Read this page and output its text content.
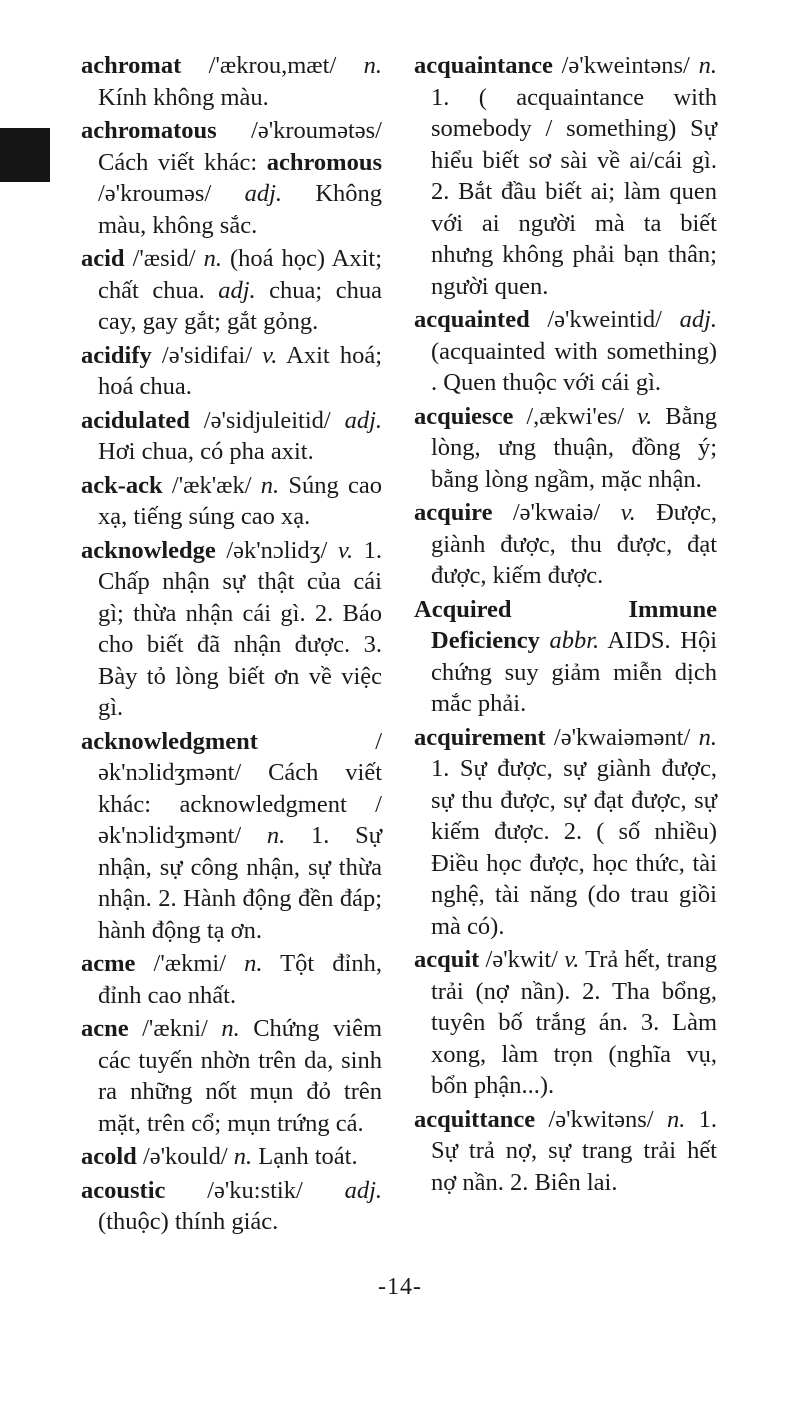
achromat /'ækrou,mæt/ n. Kính không màu.

achromatous /ə'kroumətəs/ Cách viết khác: achromous /ə'kroumәs/ adj. Không màu, không sắc.

acid /'æsid/ n. (hoá học) Axit; chất chua. adj. chua; chua cay, gay gắt; gắt gỏng.

acidify /ə'sidifai/ v. Axit hoá; hoá chua.

acidulated /ə'sidjuleitid/ adj. Hơi chua, có pha axit.

ack-ack /'æk'æk/ n. Súng cao xạ, tiếng súng cao xạ.

acknowledge /ək'nɔlidʒ/ v. 1. Chấp nhận sự thật của cái gì; thừa nhận cái gì. 2. Báo cho biết đã nhận được. 3. Bày tỏ lòng biết ơn về việc gì.

acknowledgment	/ ək'nɔlidʒmənt/ Cách viết khác: acknowledgment / ək'nɔlidʒmənt/ n. 1. Sự nhận, sự công nhận, sự thừa nhận. 2. Hành động đền đáp; hành động tạ ơn.

acme /'ækmi/ n. Tột đỉnh, đỉnh cao nhất.

acne /'ækni/ n. Chứng viêm các tuyến nhờn trên da, sinh ra những nốt mụn đỏ trên mặt, trên cổ; mụn trứng cá.

acold /ə'kould/ n. Lạnh toát.

acoustic /ə'ku:stik/ adj. (thuộc) thính giác.

acquaintance /ə'kweintəns/ n. 1. ( acquaintance with somebody / something) Sự hiểu biết sơ sài về ai/cái gì. 2. Bắt đầu biết ai; làm quen với ai người mà ta biết nhưng không phải bạn thân; người quen.

acquainted /ə'kweintid/ adj. (acquainted with something) . Quen thuộc với cái gì.

acquiesce /,ækwi'es/ v. Bằng lòng, ưng thuận, đồng ý; bằng lòng ngầm, mặc nhận.

acquire /ə'kwaiə/ v. Được, giành được, thu được, đạt được, kiếm được.

Acquired Immune Deficiency abbr. AIDS. Hội chứng suy giảm miễn dịch mắc phải.

acquirement /ə'kwaiəmənt/ n. 1. Sự được, sự giành được, sự thu được, sự đạt được, sự kiếm được. 2. ( số nhiều) Điều học được, học thức, tài nghệ, tài năng (do trau giồi mà có).

acquit /ə'kwit/ v. Trả hết, trang trải (nợ nần). 2. Tha bổng, tuyên bố trắng án. 3. Làm xong, làm trọn (nghĩa vụ, bổn phận...).

acquittance /ə'kwitəns/ n. 1. Sự trả nợ, sự trang trải hết nợ nần. 2. Biên lai.

-14-
